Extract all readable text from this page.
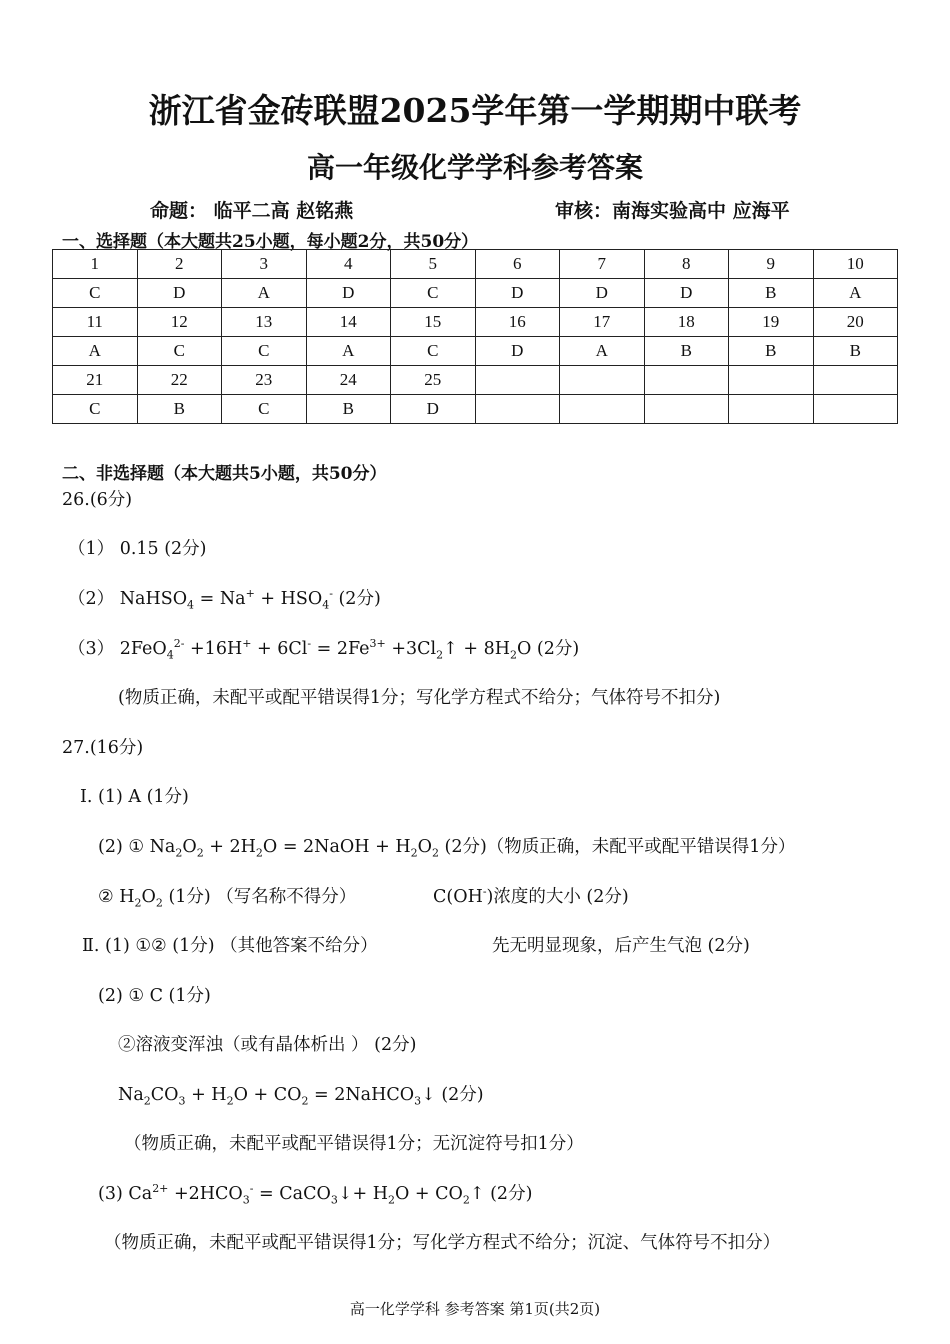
浙江省金砖联盟2025学年第一学期期中联考
高一年级化学学科参考答案
命题： 临平二高 赵铭燕	审核：南海实验高中 应海平
一、选择题（本大题共25小题，每小题2分，共50分）
1	2	3	4	5	6	7	8	9	10
C	D	A	D	C	D	D	D	B	A
11	12	13	14	15	16	17	18	19	20
A	C	C	A	C	D	A	B	B	B
21	22	23	24	25					
C	B	C	B	D					
二、非选择题（本大题共5小题，共50分）
26.(6分)
（1） 0.15 (2分)
（2） NaHSO$_4$ = $Na^+ + HSO_4^-$ (2分)
（3） $2FeO_4^{2-} +16H^+ + 6Cl^- = 2Fe^{3+}$ $+3Cl_2↑ + 8H_2O$ (2分)
(物质正确，未配平或配平错误得1分；写化学方程式不给分；气体符号不扣分)
27.(16分)
Ⅰ. (1) A (1分)
(2) ① $Na_2O_2 + 2H_2O$ = 2NaOH + $H_2O_2$ (2分)（物质正确，未配平或配平错误得1分）
② $H_2O_2$ (1分) （写名称不得分）	C(OH-)浓度的大小 (2分)
Ⅱ. (1) ①② (1分) （其他答案不给分）	先无明显现象，后产生气泡 (2分)
(2) ① C (1分)
②溶液变浑浊（或有晶体析出 ） (2分)
$Na_2CO_3 + H_2O + CO_2$ = 2NaHCO$_3$↓ (2分)
（物质正确，未配平或配平错误得1分；无沉淀符号扣1分）
(3) $Ca^{2+} +2HCO_3^-$ = CaCO$_3$↓+ $H_2O$ + $CO_2↑$ (2分)
（物质正确，未配平或配平错误得1分；写化学方程式不给分；沉淀、气体符号不扣分）
高一化学学科 参考答案 第1页(共2页)
